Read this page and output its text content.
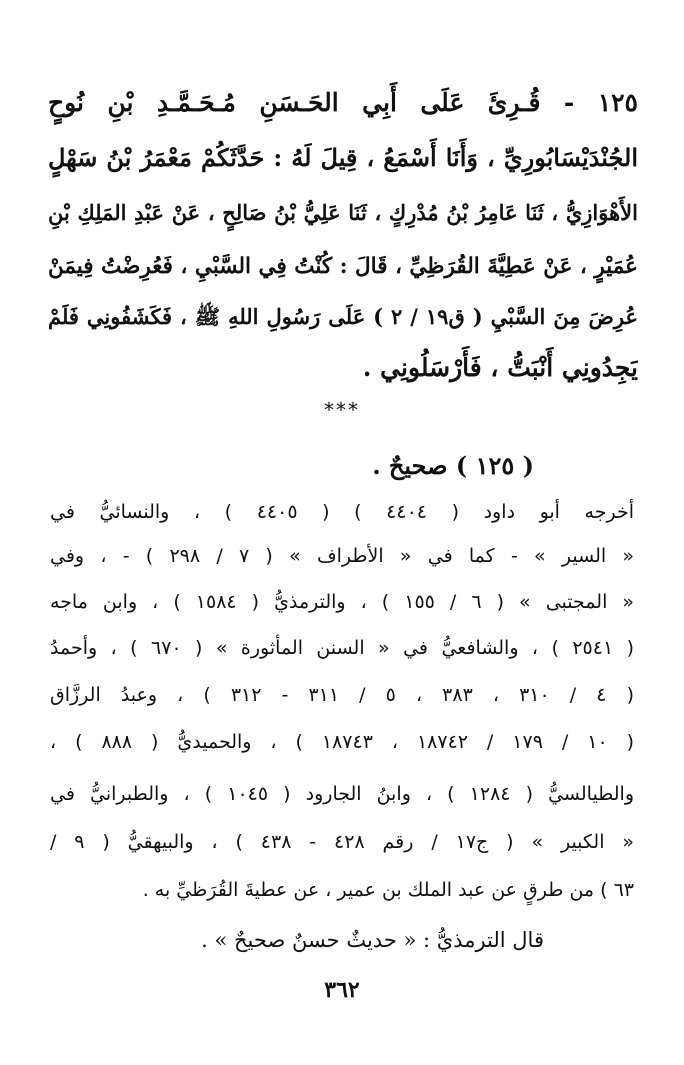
١٢٥ - قُـرِئَ عَلَى أَبِي الحَـسَنِ مُـحَـمَّـدِ بْنِ نُوحٍ
الجُنْدَيْسَابُورِيِّ ، وَأَنَا أَسْمَعُ ، قِيلَ لَهُ : حَدَّثَكُمْ مَعْمَرُ بْنُ سَهْلٍ
الأَهْوَازِيُّ ، ثَنَا عَامِرُ بْنُ مُدْرِكٍ ، ثَنَا عَلِيُّ بْنُ صَالِحٍ ، عَنْ عَبْدِ المَلِكِ بْنِ
عُمَيْرٍ ، عَنْ عَطِيَّةَ القُرَظِيِّ ، قَالَ : كُنْتُ فِي السَّبْيِ ، فَعُرِضْتُ فِيمَنْ
عُرِضَ مِنَ السَّبْيِ ( ق١٩ / ٢ ) عَلَى رَسُولِ اللهِ ﷺ ، فَكَشَفُونِي فَلَمْ
يَجِدُونِي أَنْبَتُّ ، فَأَرْسَلُونِي .
***
( ١٢٥ ) صحيحٌ .
أخرجه أبو داود ( ٤٤٠٤ ) ( ٤٤٠٥ ) ، والنسائيُّ في
« السير » - كما في « الأطراف » ( ٧ / ٢٩٨ ) - ، وفي
« المجتبى » ( ٦ / ١٥٥ ) ، والترمذيُّ ( ١٥٨٤ ) ، وابن ماجه
( ٢٥٤١ ) ، والشافعيُّ في « السنن المأثورة » ( ٦٧٠ ) ، وأحمدُ
( ٤ / ٣١٠ ، ٣٨٣ ، ٥ / ٣١١ - ٣١٢ ) ، وعبدُ الرزَّاق
( ١٠ / ١٧٩ / ١٨٧٤٢ ، ١٨٧٤٣ ) ، والحميديُّ ( ٨٨٨ ) ،
والطيالسيُّ ( ١٢٨٤ ) ، وابنُ الجارود ( ١٠٤٥ ) ، والطبرانيُّ في
« الكبير » ( ج١٧ / رقم ٤٢٨ - ٤٣٨ ) ، والبيهقيُّ ( ٩ /
٦٣ ) من طرقٍ عن عبد الملك بن عمير ، عن عطيةَ القُرَظيِّ به .
قال الترمذيُّ : « حديثٌ حسنٌ صحيحٌ » .
٣٦٢
